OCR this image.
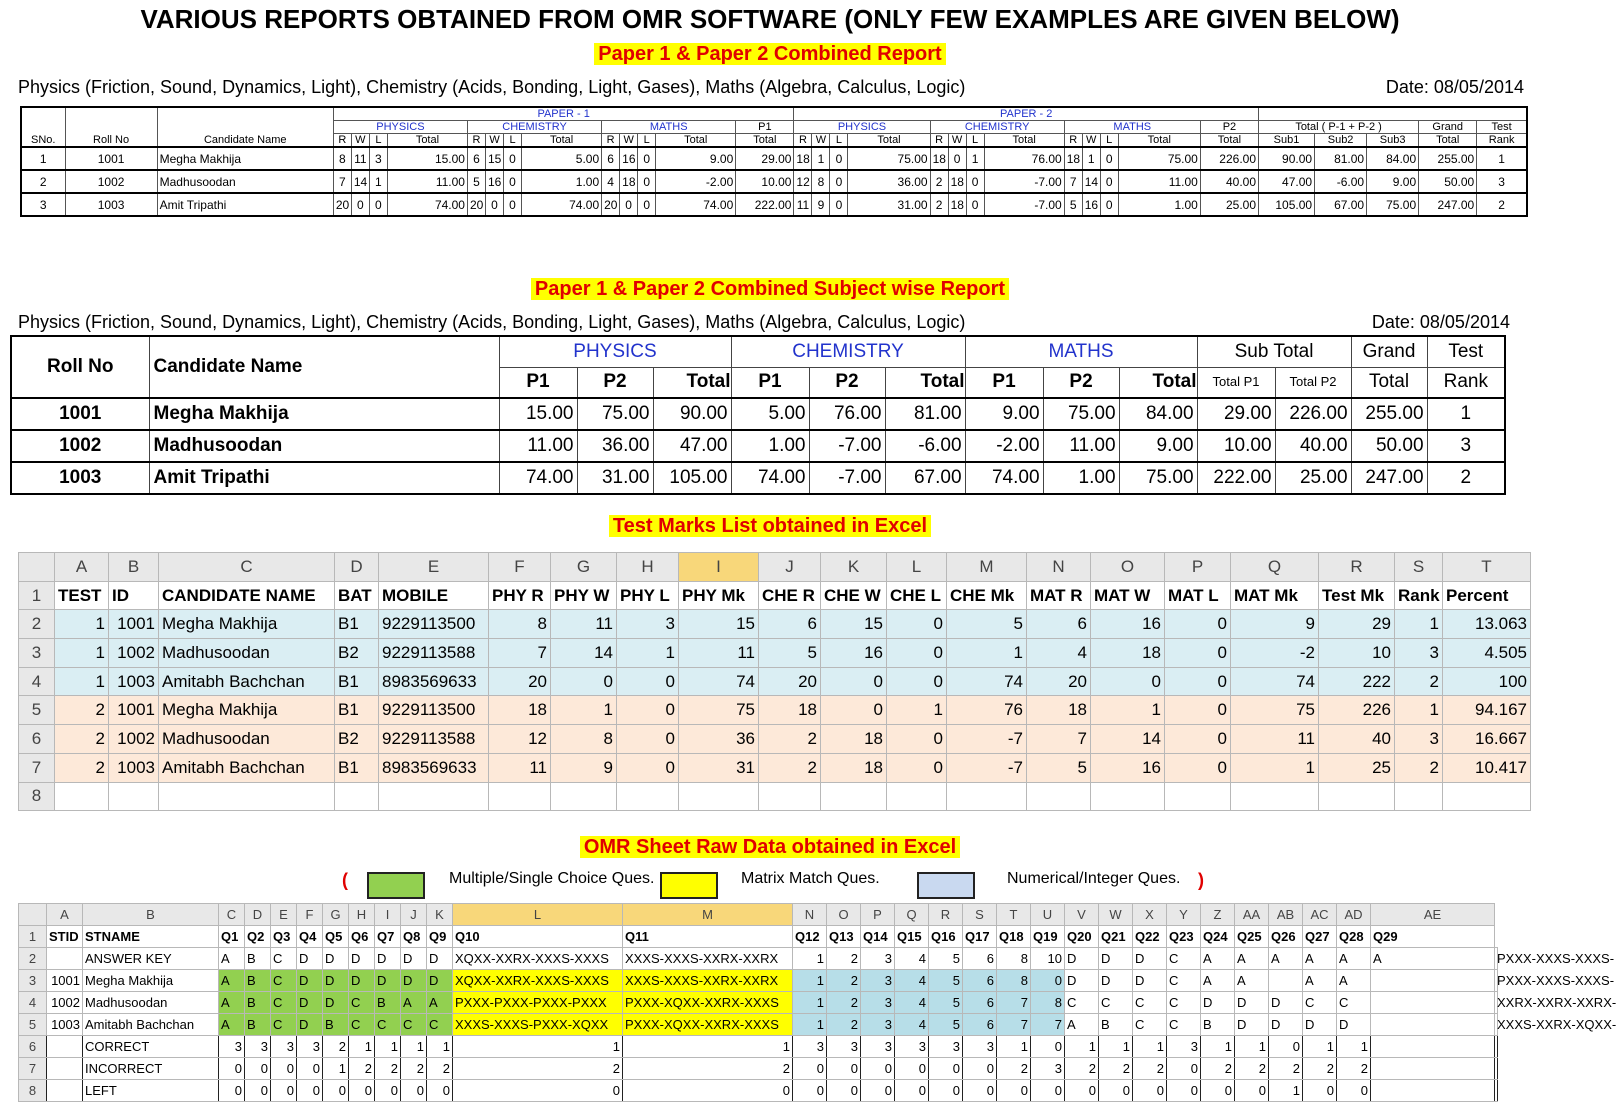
VARIOUS REPORTS OBTAINED FROM OMR SOFTWARE (ONLY FEW EXAMPLES ARE GIVEN BELOW)
Paper 1 & Paper 2 Combined Report
Physics (Friction, Sound, Dynamics, Light), Chemistry (Acids, Bonding, Light, Gases), Maths (Algebra, Calculus, Logic)	Date: 08/05/2014
SNo.	Roll No	Candidate Name	PAPER - 1													PAPER - 2																	
			PHYSICS				CHEMISTRY				MATHS				P1	PHYSICS				CHEMISTRY				MATHS				P2	Total ( P-1 + P-2 )			Grand	Test
			R	W	L	Total	R	W	L	Total	R	W	L	Total	Total	R	W	L	Total	R	W	L	Total	R	W	L	Total	Total	Sub1	Sub2	Sub3	Total	Rank
1	1001	Megha Makhija	8	11	3	15.00	6	15	0	5.00	6	16	0	9.00	29.00	18	1	0	75.00	18	0	1	76.00	18	1	0	75.00	226.00	90.00	81.00	84.00	255.00	1
2	1002	Madhusoodan	7	14	1	11.00	5	16	0	1.00	4	18	0	-2.00	10.00	12	8	0	36.00	2	18	0	-7.00	7	14	0	11.00	40.00	47.00	-6.00	9.00	50.00	3
3	1003	Amit Tripathi	20	0	0	74.00	20	0	0	74.00	20	0	0	74.00	222.00	11	9	0	31.00	2	18	0	-7.00	5	16	0	1.00	25.00	105.00	67.00	75.00	247.00	2
Paper 1 & Paper 2 Combined Subject wise Report
Physics (Friction, Sound, Dynamics, Light), Chemistry (Acids, Bonding, Light, Gases), Maths (Algebra, Calculus, Logic)	Date: 08/05/2014
Roll No	Candidate Name	PHYSICS			CHEMISTRY			MATHS			Sub Total		Grand	Test
		P1	P2	Total	P1	P2	Total	P1	P2	Total	Total P1	Total P2	Total	Rank
1001	Megha Makhija	15.00	75.00	90.00	5.00	76.00	81.00	9.00	75.00	84.00	29.00	226.00	255.00	1
1002	Madhusoodan	11.00	36.00	47.00	1.00	-7.00	-6.00	-2.00	11.00	9.00	10.00	40.00	50.00	3
1003	Amit Tripathi	74.00	31.00	105.00	74.00	-7.00	67.00	74.00	1.00	75.00	222.00	25.00	247.00	2
Test Marks List obtained in Excel
	A	B	C	D	E	F	G	H	I	J	K	L	M	N	O	P	Q	R	S	T
1	TEST	ID	CANDIDATE NAME	BAT	MOBILE	PHY R	PHY W	PHY L	PHY Mk	CHE R	CHE W	CHE L	CHE Mk	MAT R	MAT W	MAT L	MAT Mk	Test Mk	Rank	Percent
2	1	1001	Megha Makhija	B1	9229113500	8	11	3	15	6	15	0	5	6	16	0	9	29	1	13.063
3	1	1002	Madhusoodan	B2	9229113588	7	14	1	11	5	16	0	1	4	18	0	-2	10	3	4.505
4	1	1003	Amitabh Bachchan	B1	8983569633	20	0	0	74	20	0	0	74	20	0	0	74	222	2	100
5	2	1001	Megha Makhija	B1	9229113500	18	1	0	75	18	0	1	76	18	1	0	75	226	1	94.167
6	2	1002	Madhusoodan	B2	9229113588	12	8	0	36	2	18	0	-7	7	14	0	11	40	3	16.667
7	2	1003	Amitabh Bachchan	B1	8983569633	11	9	0	31	2	18	0	-7	5	16	0	1	25	2	10.417
8																				
OMR Sheet Raw Data obtained in Excel
(	Multiple/Single Choice Ques.	Matrix Match Ques.	Numerical/Integer Ques. )
	A	B	C	D	E	F	G	H	I	J	K	L	M	N	O	P	Q	R	S	T	U	V	W	X	Y	Z	AA	AB	AC	AD	AE	
1	STID	STNAME	Q1	Q2	Q3	Q4	Q5	Q6	Q7	Q8	Q9	Q10	Q11	Q12	Q13	Q14	Q15	Q16	Q17	Q18	Q19	Q20	Q21	Q22	Q23	Q24	Q25	Q26	Q27	Q28	Q29	
2		ANSWER KEY	A	B	C	D	D	D	D	D	D	XQXX-XXRX-XXXS-XXXS	XXXS-XXXS-XXRX-XXRX	1	2	3	4	5	6	8	10	D	D	D	C	A	A	A	A	A	A	PXXX-XXXS-XXXS-
3	1001	Megha Makhija	A	B	C	D	D	D	D	D	D	XQXX-XXRX-XXXS-XXXS	XXXS-XXXS-XXRX-XXRX	1	2	3	4	5	6	8	0	D	D	D	C	A	A		A	A		PXXX-XXXS-XXXS-
4	1002	Madhusoodan	A	B	C	D	D	C	B	A	A	PXXX-PXXX-PXXX-PXXX	PXXX-XQXX-XXRX-XXXS	1	2	3	4	5	6	7	8	C	C	C	C	D	D	D	C	C		XXRX-XXRX-XXRX-
5	1003	Amitabh Bachchan	A	B	C	D	B	C	C	C	C	XXXS-XXXS-PXXX-XQXX	PXXX-XQXX-XXRX-XXXS	1	2	3	4	5	6	7	7	A	B	C	C	B	D	D	D	D		XXXS-XXRX-XQXX-
6		CORRECT	3	3	3	3	2	1	1	1	1	1	1	3	3	3	3	3	3	1	0	1	1	1	3	1	1	0	1	1		
7		INCORRECT	0	0	0	0	1	2	2	2	2	2	2	0	0	0	0	0	0	2	3	2	2	2	0	2	2	2	2	2		
8		LEFT	0	0	0	0	0	0	0	0	0	0	0	0	0	0	0	0	0	0	0	0	0	0	0	0	0	1	0	0		
